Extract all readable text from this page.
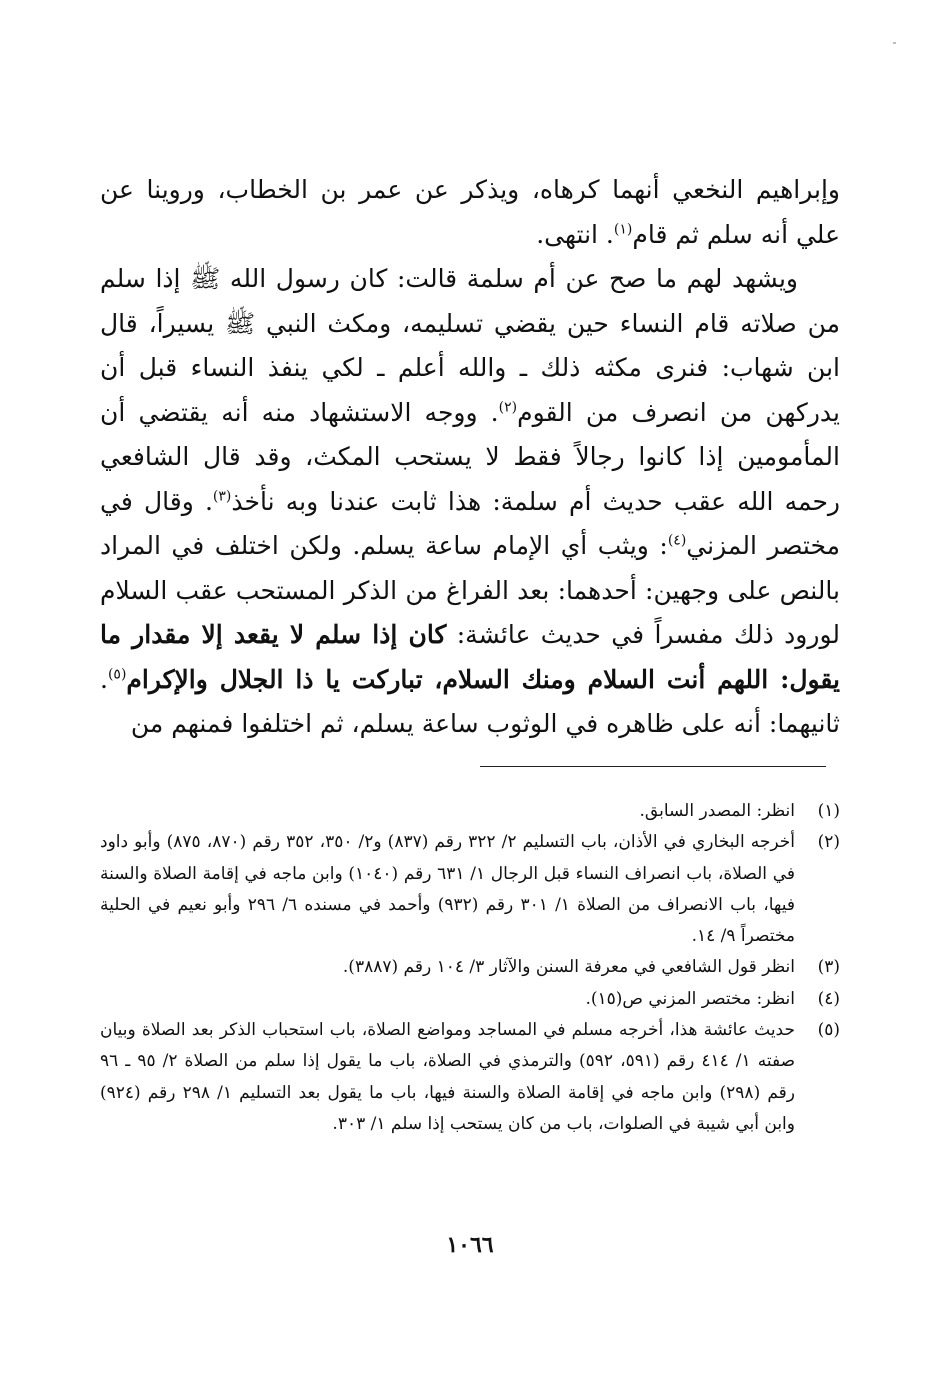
وإبراهيم النخعي أنهما كرهاه، ويذكر عن عمر بن الخطاب، وروينا عن علي أنه سلم ثم قام$^{(١)}$. انتهى.

ويشهد لهم ما صح عن أم سلمة قالت: كان رسول الله ﷺ إذا سلم من صلاته قام النساء حين يقضي تسليمه، ومكث النبي ﷺ يسيراً، قال ابن شهاب: فنرى مكثه ذلك ـ والله أعلم ـ لكي ينفذ النساء قبل أن يدركهن من انصرف من القوم$^{(٢)}$. ووجه الاستشهاد منه أنه يقتضي أن المأمومين إذا كانوا رجالاً فقط لا يستحب المكث، وقد قال الشافعي رحمه الله عقب حديث أم سلمة: هذا ثابت عندنا وبه نأخذ$^{(٣)}$. وقال في مختصر المزني$^{(٤)}$: ويثب أي الإمام ساعة يسلم. ولكن اختلف في المراد بالنص على وجهين: أحدهما: بعد الفراغ من الذكر المستحب عقب السلام لورود ذلك مفسراً في حديث عائشة: كان إذا سلم لا يقعد إلا مقدار ما يقول: اللهم أنت السلام ومنك السلام، تباركت يا ذا الجلال والإكرام$^{(٥)}$. ثانيهما: أنه على ظاهره في الوثوب ساعة يسلم، ثم اختلفوا فمنهم من

(١)
انظر: المصدر السابق.
(٢)
أخرجه البخاري في الأذان، باب التسليم ٢/ ٣٢٢ رقم (٨٣٧) و٢/ ٣٥٠، ٣٥٢ رقم (٨٧٠، ٨٧٥) وأبو داود في الصلاة، باب انصراف النساء قبل الرجال ١/ ٦٣١ رقم (١٠٤٠) وابن ماجه في إقامة الصلاة والسنة فيها، باب الانصراف من الصلاة ١/ ٣٠١ رقم (٩٣٢) وأحمد في مسنده ٦/ ٢٩٦ وأبو نعيم في الحلية مختصراً ٩/ ١٤.
(٣)
انظر قول الشافعي في معرفة السنن والآثار ٣/ ١٠٤ رقم (٣٨٨٧).
(٤)
انظر: مختصر المزني ص(١٥).
(٥)
حديث عائشة هذا، أخرجه مسلم في المساجد ومواضع الصلاة، باب استحباب الذكر بعد الصلاة وبيان صفته ١/ ٤١٤ رقم (٥٩١، ٥٩٢) والترمذي في الصلاة، باب ما يقول إذا سلم من الصلاة ٢/ ٩٥ ـ ٩٦ رقم (٢٩٨) وابن ماجه في إقامة الصلاة والسنة فيها، باب ما يقول بعد التسليم ١/ ٢٩٨ رقم (٩٢٤) وابن أبي شيبة في الصلوات، باب من كان يستحب إذا سلم ١/ ٣٠٣.
١٠٦٦
